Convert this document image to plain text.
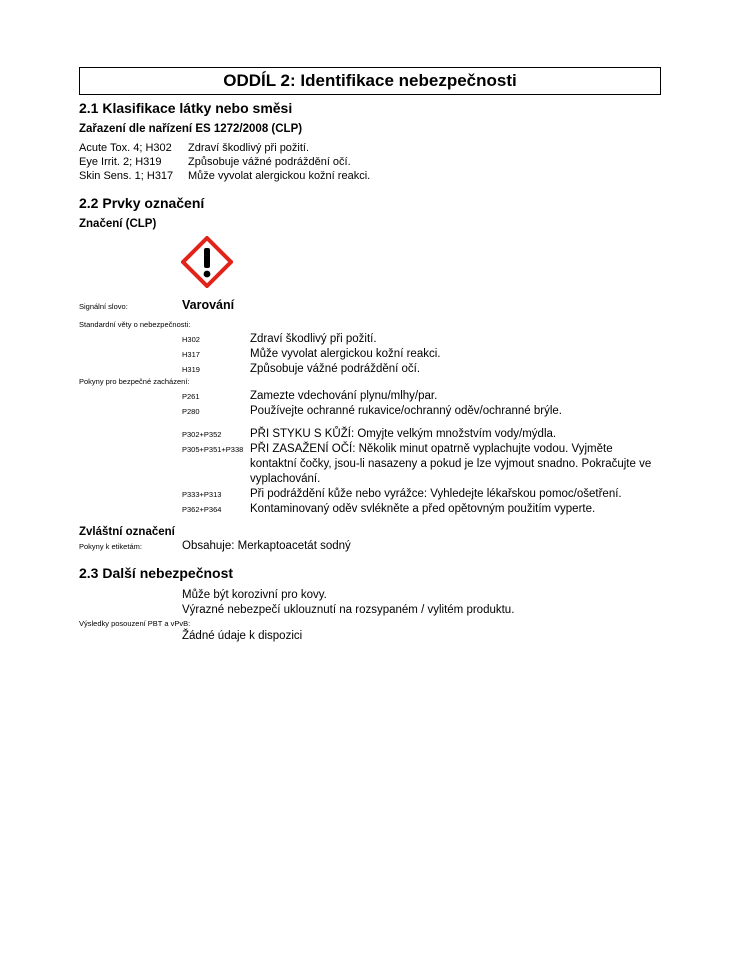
ODDÍL 2: Identifikace nebezpečnosti
2.1 Klasifikace látky nebo směsi
Zařazení dle nařízení ES 1272/2008 (CLP)
Acute Tox. 4; H302	Zdraví škodlivý při požití.
Eye Irrit. 2; H319	Způsobuje vážné podráždění očí.
Skin Sens. 1; H317	Může vyvolat alergickou kožní reakci.
2.2 Prvky označení
Značení (CLP)
Signální slovo:	Varování
Standardní věty o nebezpečnosti:
H302	Zdraví škodlivý při požití.
H317	Může vyvolat alergickou kožní reakci.
H319	Způsobuje vážné podráždění očí.
Pokyny pro bezpečné zacházení:
P261	Zamezte vdechování plynu/mlhy/par.
P280	Používejte ochranné rukavice/ochranný oděv/ochranné brýle.
P302+P352	PŘI STYKU S KŮŽÍ: Omyjte velkým množstvím vody/mýdla.
P305+P351+P338 PŘI ZASAŽENÍ OČÍ: Několik minut opatrně vyplachujte vodou. Vyjměte kontaktní čočky, jsou-li nasazeny a pokud je lze vyjmout snadno. Pokračujte ve vyplachování.
P333+P313	Při podráždění kůže nebo vyrážce: Vyhledejte lékařskou pomoc/ošetření.
P362+P364	Kontaminovaný oděv svlékněte a před opětovným použitím vyperte.
Zvláštní označení
Pokyny k etiketám:	Obsahuje: Merkaptoacetát sodný
2.3 Další nebezpečnost
Může být korozivní pro kovy.
Výrazné nebezpečí uklouznutí na rozsypaném / vylitém produktu.
Výsledky posouzení PBT a vPvB:
Žádné údaje k dispozici
